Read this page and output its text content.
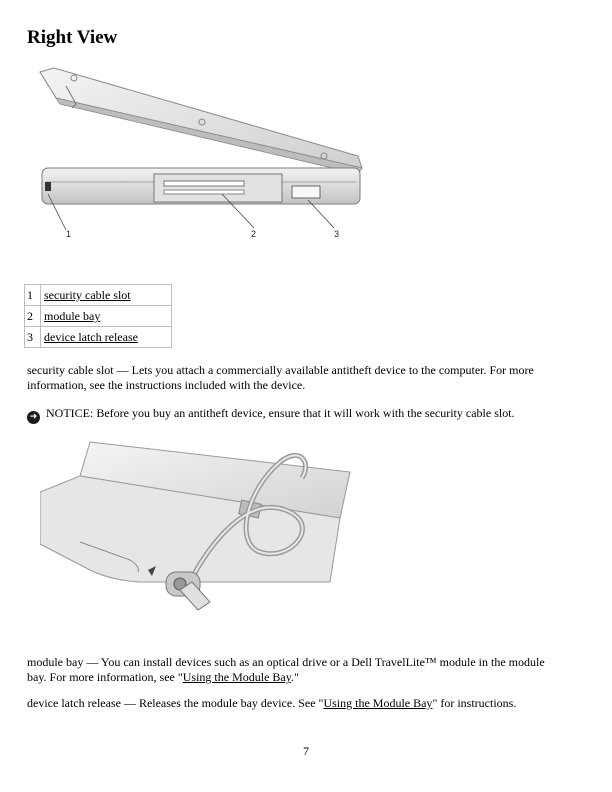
Right View
1	2	3
1	security cable slot
2	module bay
3	device latch release

security cable slot — Lets you attach a commercially available antitheft device to the computer. For more information, see the instructions included with the device.

➜ NOTICE: Before you buy an antitheft device, ensure that it will work with the security cable slot.

module bay — You can install devices such as an optical drive or a Dell TravelLite™ module in the module bay. For more information, see "Using the Module Bay."

device latch release — Releases the module bay device. See "Using the Module Bay" for instructions.

7
